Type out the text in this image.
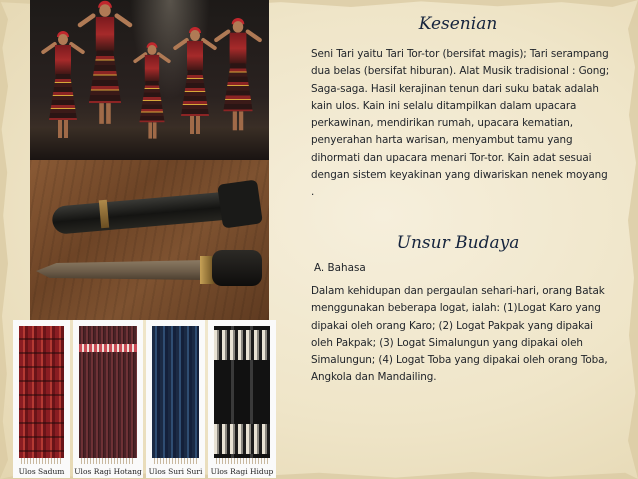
Ulos Sadum	Ulos Ragi Hotang Ulos Suri Suri	Ulos Ragi Hidup
Kesenian

Seni Tari yaitu Tari Tor-tor (bersifat magis); Tari serampang dua belas (bersifat hiburan). Alat Musik tradisional : Gong; Saga-saga. Hasil kerajinan tenun dari suku batak adalah kain ulos. Kain ini selalu ditampilkan dalam upacara perkawinan, mendirikan rumah, upacara kematian, penyerahan harta warisan, menyambut tamu yang dihormati dan upacara menari Tor-tor. Kain adat sesuai dengan sistem keyakinan yang diwariskan nenek moyang .

Unsur Budaya

A. Bahasa

Dalam kehidupan dan pergaulan sehari-hari, orang Batak menggunakan beberapa logat, ialah: (1)Logat Karo yang dipakai oleh orang Karo; (2) Logat Pakpak yang dipakai oleh Pakpak; (3) Logat Simalungun yang dipakai oleh Simalungun; (4) Logat Toba yang dipakai oleh orang Toba, Angkola dan Mandailing.
